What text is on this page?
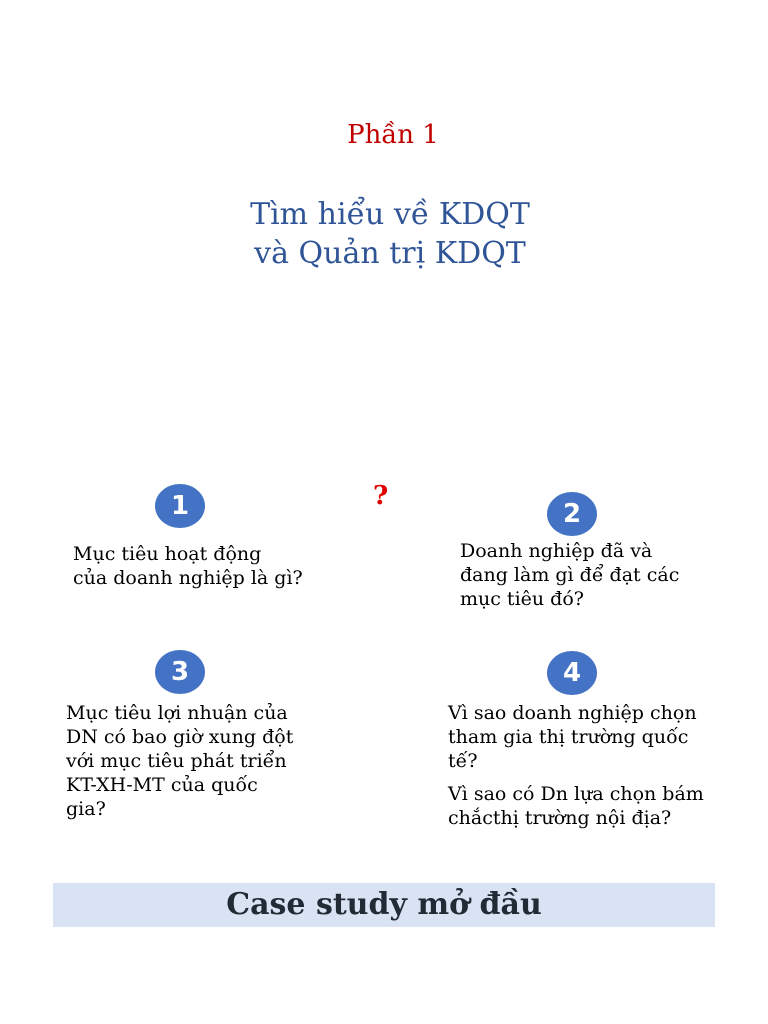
Phần 1
Tìm hiểu về KDQT
và Quản trị KDQT
?
1
Mục tiêu hoạt động
của doanh nghiệp là gì?
2
Doanh nghiệp đã và
đang làm gì để đạt các
mục tiêu đó?
3
Mục tiêu lợi nhuận của
DN có bao giờ xung đột
với mục tiêu phát triển
KT-XH-MT của quốc
gia?
4
Vì sao doanh nghiệp chọn
tham gia thị trường quốc
tế?
Vì sao có Dn lựa chọn bám
chắcthị trường nội địa?
Case study mở đầu
